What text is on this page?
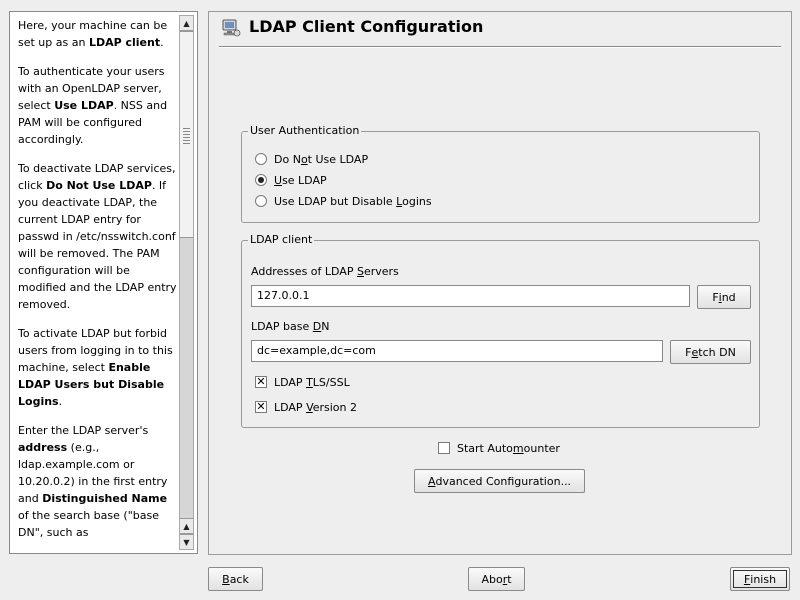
Here, your machine can be set up as an LDAP client.

To authenticate your users with an OpenLDAP server, select Use LDAP. NSS and PAM will be configured accordingly.

To deactivate LDAP services, click Do Not Use LDAP. If you deactivate LDAP, the current LDAP entry for passwd in /etc/nsswitch.conf will be removed. The PAM configuration will be modified and the LDAP entry removed.

To activate LDAP but forbid users from logging in to this machine, select Enable LDAP Users but Disable Logins.

Enter the LDAP server's address (e.g., ldap.example.com or 10.20.0.2) in the first entry and Distinguished Name of the search base ("base DN", such as

▲
▲
▼
LDAP Client Configuration
User Authentication
Do Not Use LDAP
Use LDAP
Use LDAP but Disable Logins
LDAP client
Addresses of LDAP Servers
127.0.0.1	F i nd
LDAP base DN
dc=example,dc=com	F e tch DN
✕ LDAP TLS/SSL
✕ LDAP Version 2
Start Automounter
A dvanced Configuration...
B ack	Abo r t	F inish
